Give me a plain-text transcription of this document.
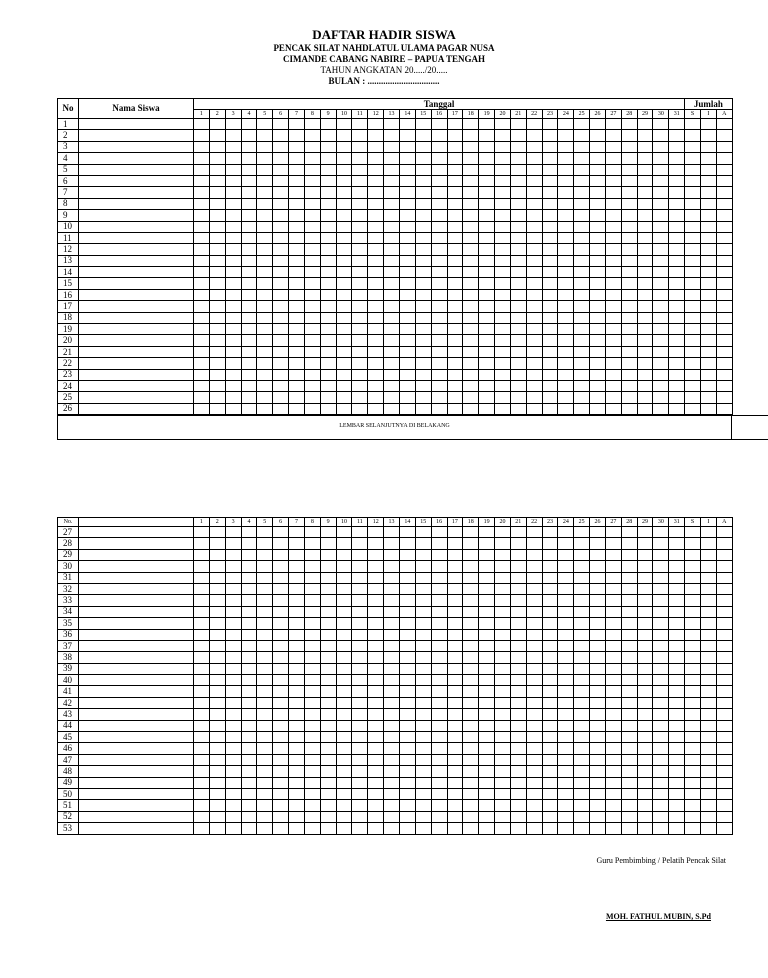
DAFTAR HADIR SISWA
PENCAK SILAT NAHDLATUL ULAMA PAGAR NUSA
CIMANDE CABANG NABIRE – PAPUA TENGAH
TAHUN ANGKATAN 20...../20.....
BULAN : ................................
No	Nama Siswa	Tanggal																															Jumlah		
		1	2	3	4	5	6	7	8	9	10	11	12	13	14	15	16	17	18	19	20	21	22	23	24	25	26	27	28	29	30	31	S	I	A
1																																			
2																																			
3																																			
4																																			
5																																			
6																																			
7																																			
8																																			
9																																			
10																																			
11																																			
12																																			
13																																			
14																																			
15																																			
16																																			
17																																			
18																																			
19																																			
20																																			
21																																			
22																																			
23																																			
24																																			
25																																			
26																																			
LEMBAR SELANJUTNYA DI BELAKANG
No.		1	2	3	4	5	6	7	8	9	10	11	12	13	14	15	16	17	18	19	20	21	22	23	24	25	26	27	28	29	30	31	S	I	A
27																																			
28																																			
29																																			
30																																			
31																																			
32																																			
33																																			
34																																			
35																																			
36																																			
37																																			
38																																			
39																																			
40																																			
41																																			
42																																			
43																																			
44																																			
45																																			
46																																			
47																																			
48																																			
49																																			
50																																			
51																																			
52																																			
53																																			
Guru Pembimbing / Pelatih Pencak Silat
MOH. FATHUL MUBIN, S.Pd
